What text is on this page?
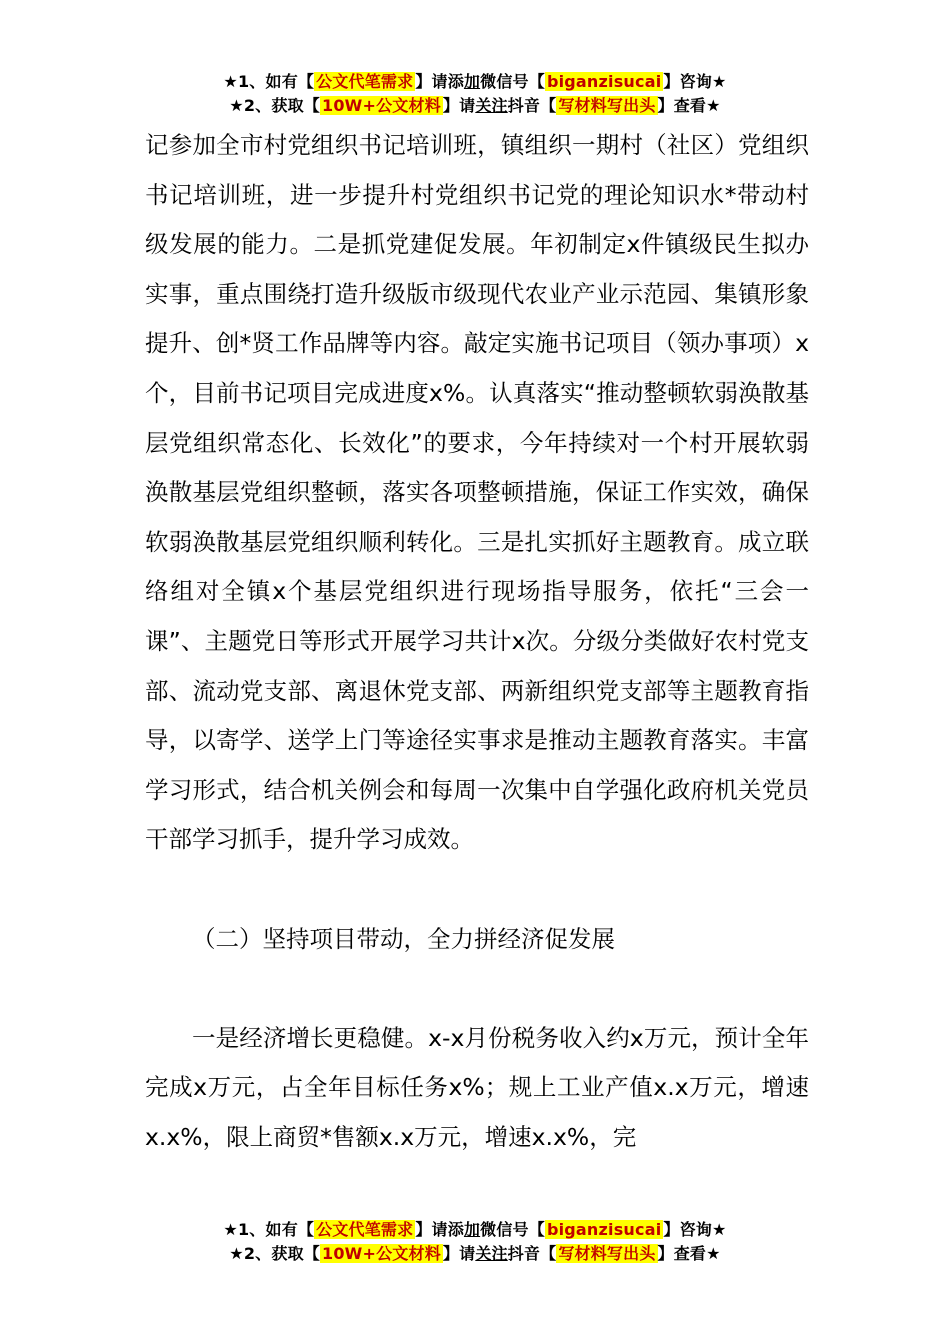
★1、如有【 公文代笔需求 】请添加微信号【 biganzisucai 】咨询★
★2、获取【 10W+公文材料 】请关注抖音【 写材料写出头 】查看★

记参加全市村党组织书记培训班，镇组织一期村（社区）党组织书记培训班，进一步提升村党组织书记党的理论知识水*带动村级发展的能力。二是抓党建促发展。年初制定x件镇级民生拟办实事，重点围绕打造升级版市级现代农业产业示范园、集镇形象提升、创*贤工作品牌等内容。敲定实施书记项目（领办事项）x个，目前书记项目完成进度x%。认真落实“推动整顿软弱涣散基层党组织常态化、长效化”的要求，今年持续对一个村开展软弱涣散基层党组织整顿，落实各项整顿措施，保证工作实效，确保软弱涣散基层党组织顺利转化。三是扎实抓好主题教育。成立联络组对全镇x个基层党组织进行现场指导服务，依托“三会一课”、主题党日等形式开展学习共计x次。分级分类做好农村党支部、流动党支部、离退休党支部、两新组织党支部等主题教育指导，以寄学、送学上门等途径实事求是推动主题教育落实。丰富学习形式，结合机关例会和每周一次集中自学强化政府机关党员干部学习抓手，提升学习成效。

（二）坚持项目带动，全力拼经济促发展

一是经济增长更稳健。x-x月份税务收入约x万元，预计全年完成x万元，占全年目标任务x%；规上工业产值x.x万元，增速x.x%，限上商贸*售额x.x万元，增速x.x%，完

★1、如有【 公文代笔需求 】请添加微信号【 biganzisucai 】咨询★
★2、获取【 10W+公文材料 】请关注抖音【 写材料写出头 】查看★
